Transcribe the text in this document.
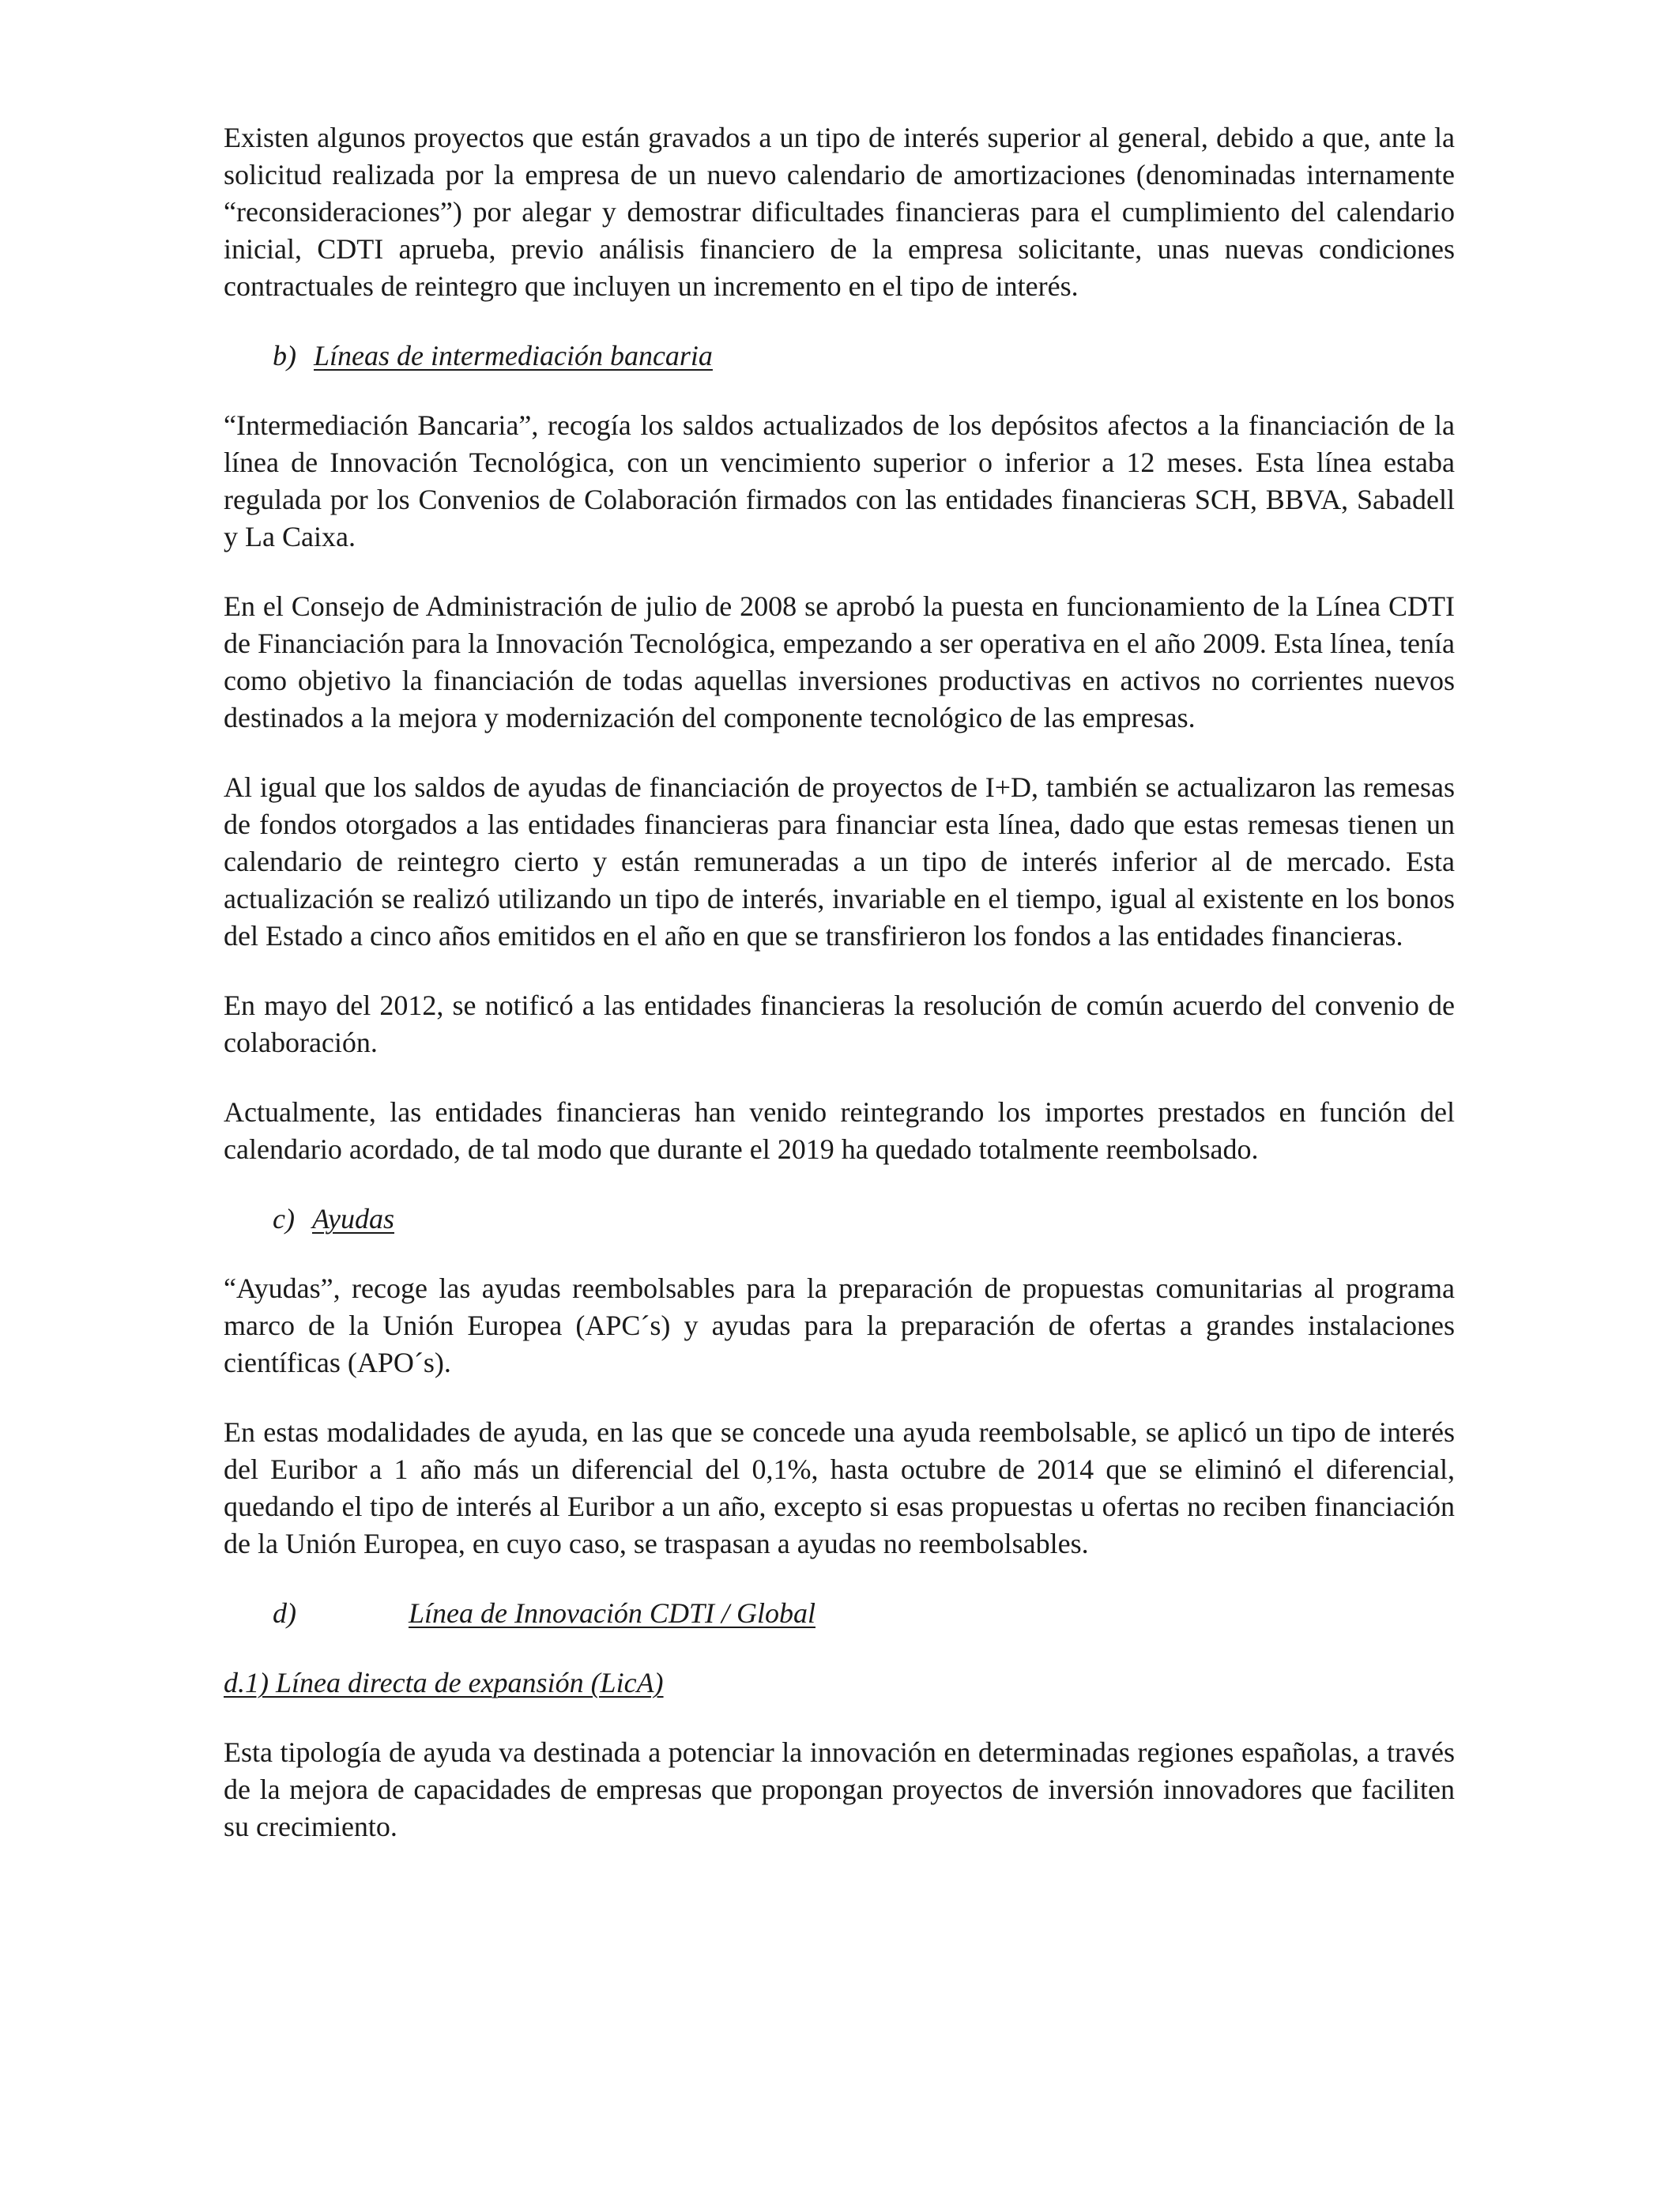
Existen algunos proyectos que están gravados a un tipo de interés superior al general, debido a que, ante la solicitud realizada por la empresa de un nuevo calendario de amortizaciones (denominadas internamente “reconsideraciones”) por alegar y demostrar dificultades financieras para el cumplimiento del calendario inicial, CDTI aprueba, previo análisis financiero de la empresa solicitante, unas nuevas condiciones contractuales de reintegro que incluyen un incremento en el tipo de interés.

b) Líneas de intermediación bancaria

“Intermediación Bancaria”, recogía los saldos actualizados de los depósitos afectos a la financiación de la línea de Innovación Tecnológica, con un vencimiento superior o inferior a 12 meses. Esta línea estaba regulada por los Convenios de Colaboración firmados con las entidades financieras SCH, BBVA, Sabadell y La Caixa.

En el Consejo de Administración de julio de 2008 se aprobó la puesta en funcionamiento de la Línea CDTI de Financiación para la Innovación Tecnológica, empezando a ser operativa en el año 2009. Esta línea, tenía como objetivo la financiación de todas aquellas inversiones productivas en activos no corrientes nuevos destinados a la mejora y modernización del componente tecnológico de las empresas.

Al igual que los saldos de ayudas de financiación de proyectos de I+D, también se actualizaron las remesas de fondos otorgados a las entidades financieras para financiar esta línea, dado que estas remesas tienen un calendario de reintegro cierto y están remuneradas a un tipo de interés inferior al de mercado. Esta actualización se realizó utilizando un tipo de interés, invariable en el tiempo, igual al existente en los bonos del Estado a cinco años emitidos en el año en que se transfirieron los fondos a las entidades financieras.

En mayo del 2012, se notificó a las entidades financieras la resolución de común acuerdo del convenio de colaboración.

Actualmente, las entidades financieras han venido reintegrando los importes prestados en función del calendario acordado, de tal modo que durante el 2019 ha quedado totalmente reembolsado.

c) Ayudas

“Ayudas”, recoge las ayudas reembolsables para la preparación de propuestas comunitarias al programa marco de la Unión Europea (APC´s) y ayudas para la preparación de ofertas a grandes instalaciones científicas (APO´s).

En estas modalidades de ayuda, en las que se concede una ayuda reembolsable, se aplicó un tipo de interés del Euribor a 1 año más un diferencial del 0,1%, hasta octubre de 2014 que se eliminó el diferencial, quedando el tipo de interés al Euribor a un año, excepto si esas propuestas u ofertas no reciben financiación de la Unión Europea, en cuyo caso, se traspasan a ayudas no reembolsables.

d)	Línea de Innovación CDTI / Global
d.1) Línea directa de expansión (LicA)

Esta tipología de ayuda va destinada a potenciar la innovación en determinadas regiones españolas, a través de la mejora de capacidades de empresas que propongan proyectos de inversión innovadores que faciliten su crecimiento.
